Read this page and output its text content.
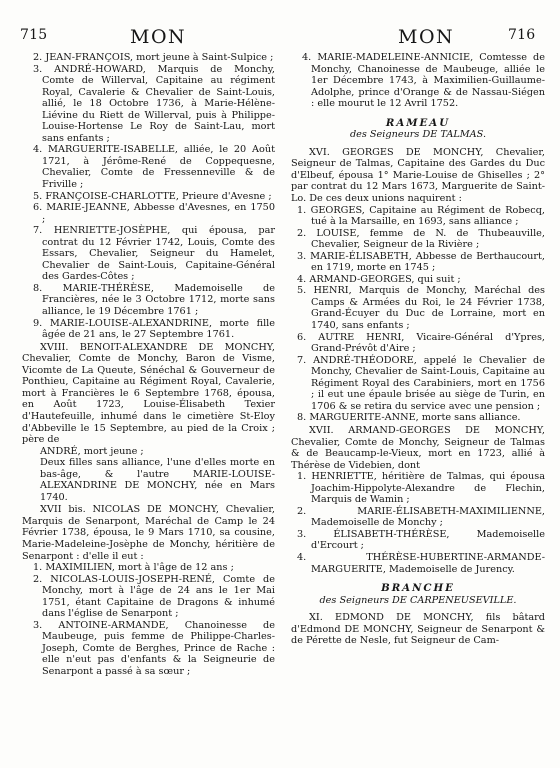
715	MON	MON	716
2. JEAN-FRANÇOIS, mort jeune à Saint-Sulpice ;
3. ANDRÉ-HOWARD, Marquis de Monchy, Comte de Willerval, Capitaine au régiment Royal, Cavalerie & Chevalier de Saint-Louis, allié, le 18 Octobre 1736, à Marie-Hélène-Liévine du Riett de Willerval, puis à Philippe-Louise-Hortense Le Roy de Saint-Lau, mort sans enfants ;
4. MARGUERITE-ISABELLE, alliée, le 20 Août 1721, à Jérôme-René de Coppequesne, Chevalier, Comte de Fressenneville & de Friville ;
5. FRANÇOISE-CHARLOTTE, Prieure d'Avesne ;
6. MARIE-JEANNE, Abbesse d'Avesnes, en 1750 ;
7. HENRIETTE-JOSÈPHE, qui épousa, par contrat du 12 Février 1742, Louis, Comte des Essars, Chevalier, Seigneur du Hamelet, Chevalier de Saint-Louis, Capitaine-Général des Gardes-Côtes ;
8. MARIE-THÉRÈSE, Mademoiselle de Francières, née le 3 Octobre 1712, morte sans alliance, le 19 Décembre 1761 ;
9. MARIE-LOUISE-ALEXANDRINE, morte fille âgée de 21 ans, le 27 Septembre 1761.
XVIII. BENOIT-ALEXANDRE DE MONCHY, Chevalier, Comte de Monchy, Baron de Visme, Vicomte de La Queute, Sénéchal & Gouverneur de Ponthieu, Capitaine au Régiment Royal, Cavalerie, mort à Francières le 6 Septembre 1768, épousa, en Août 1723, Louise-Élisabeth Texier d'Hautefeuille, inhumé dans le cimetière St-Eloy d'Abbeville le 15 Septembre, au pied de la Croix ; père de
ANDRÉ, mort jeune ;
Deux filles sans alliance, l'une d'elles morte en bas-âge, & l'autre MARIE-LOUISE-ALEXANDRINE DE MONCHY, née en Mars 1740.
XVII bis. NICOLAS DE MONCHY, Chevalier, Marquis de Senarpont, Maréchal de Camp le 24 Février 1738, épousa, le 9 Mars 1710, sa cousine, Marie-Madeleine-Josèphe de Monchy, héritière de Senarpont : d'elle il eut :
1. MAXIMILIEN, mort à l'âge de 12 ans ;
2. NICOLAS-LOUIS-JOSEPH-RENÉ, Comte de Monchy, mort à l'âge de 24 ans le 1er Mai 1751, étant Capitaine de Dragons & inhumé dans l'église de Senarpont ;
3. ANTOINE-ARMANDE, Chanoinesse de Maubeuge, puis femme de Philippe-Charles-Joseph, Comte de Berghes, Prince de Rache : elle n'eut pas d'enfants & la Seigneurie de Senarpont a passé à sa sœur ;
4. MARIE-MADELEINE-ANNICIE, Comtesse de Monchy, Chanoinesse de Maubeuge, alliée le 1er Décembre 1743, à Maximilien-Guillaume-Adolphe, prince d'Orange & de Nassau-Siégen : elle mourut le 12 Avril 1752.
RAMEAU
des Seigneurs DE TALMAS.
XVI. GEORGES DE MONCHY, Chevalier, Seigneur de Talmas, Capitaine des Gardes du Duc d'Elbeuf, épousa 1° Marie-Louise de Ghiselles ; 2° par contrat du 12 Mars 1673, Marguerite de Saint-Lo. De ces deux unions naquirent :
1. GEORGES, Capitaine au Régiment de Robecq, tué à la Marsaille, en 1693, sans alliance ;
2. LOUISE, femme de N. de Thubeauville, Chevalier, Seigneur de la Rivière ;
3. MARIE-ÉLISABETH, Abbesse de Berthaucourt, en 1719, morte en 1745 ;
4. ARMAND-GEORGES, qui suit ;
5. HENRI, Marquis de Monchy, Maréchal des Camps & Armées du Roi, le 24 Février 1738, Grand-Écuyer du Duc de Lorraine, mort en 1740, sans enfants ;
6. AUTRE HENRI, Vicaire-Général d'Ypres, Grand-Prévôt d'Aire ;
7. ANDRÉ-THÉODORE, appelé le Chevalier de Monchy, Chevalier de Saint-Louis, Capitaine au Régiment Royal des Carabiniers, mort en 1756 ; il eut une épaule brisée au siège de Turin, en 1706 & se retira du service avec une pension ;
8. MARGUERITE-ANNE, morte sans alliance.
XVII. ARMAND-GEORGES DE MONCHY, Chevalier, Comte de Monchy, Seigneur de Talmas & de Beaucamp-le-Vieux, mort en 1723, allié à Thérèse de Videbien, dont
1. HENRIETTE, héritière de Talmas, qui épousa Joachim-Hippolyte-Alexandre de Flechin, Marquis de Wamin ;
2. MARIE-ÉLISABETH-MAXIMILIENNE, Mademoiselle de Monchy ;
3. ÉLISABETH-THÉRÈSE, Mademoiselle d'Ercourt ;
4. THÉRÈSE-HUBERTINE-ARMANDE-MARGUERITE, Mademoiselle de Jurency.
BRANCHE
des Seigneurs DE CARPENEUSEVILLE.
XI. EDMOND DE MONCHY, fils bâtard d'Edmond DE MONCHY, Seigneur de Senarpont & de Pérette de Nesle, fut Seigneur de Cam-
